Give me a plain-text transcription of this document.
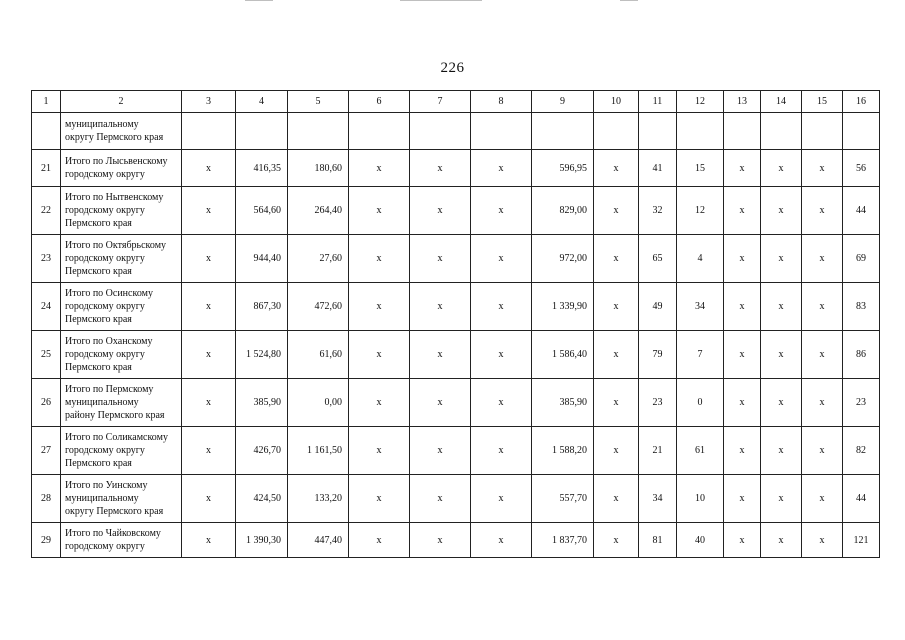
226
1	2	3	4	5	6	7	8	9	10	11	12	13	14	15	16

	муниципальному
округу Пермского края														

21	Итого по Лысьвенскому
городскому округу	х	416,35	180,60	х	х	х	596,95	х	41	15	х	х	х	56
22	Итого по Нытвенскому
городскому округу
Пермского края	х	564,60	264,40	х	х	х	829,00	х	32	12	х	х	х	44
23	Итого по Октябрьскому
городскому округу
Пермского края	х	944,40	27,60	х	х	х	972,00	х	65	4	х	х	х	69
24	Итого по Осинскому
городскому округу
Пермского края	х	867,30	472,60	х	х	х	1 339,90	х	49	34	х	х	х	83
25	Итого по Оханскому
городскому округу
Пермского края	х	1 524,80	61,60	х	х	х	1 586,40	х	79	7	х	х	х	86
26	Итого по Пермскому
муниципальному
району Пермского края	х	385,90	0,00	х	х	х	385,90	х	23	0	х	х	х	23
27	Итого по Соликамскому
городскому округу
Пермского края	х	426,70	1 161,50	х	х	х	1 588,20	х	21	61	х	х	х	82
28	Итого по Уинскому
муниципальному
округу Пермского края	х	424,50	133,20	х	х	х	557,70	х	34	10	х	х	х	44
29	Итого по Чайковскому
городскому округу	х	1 390,30	447,40	х	х	х	1 837,70	х	81	40	х	х	х	121
